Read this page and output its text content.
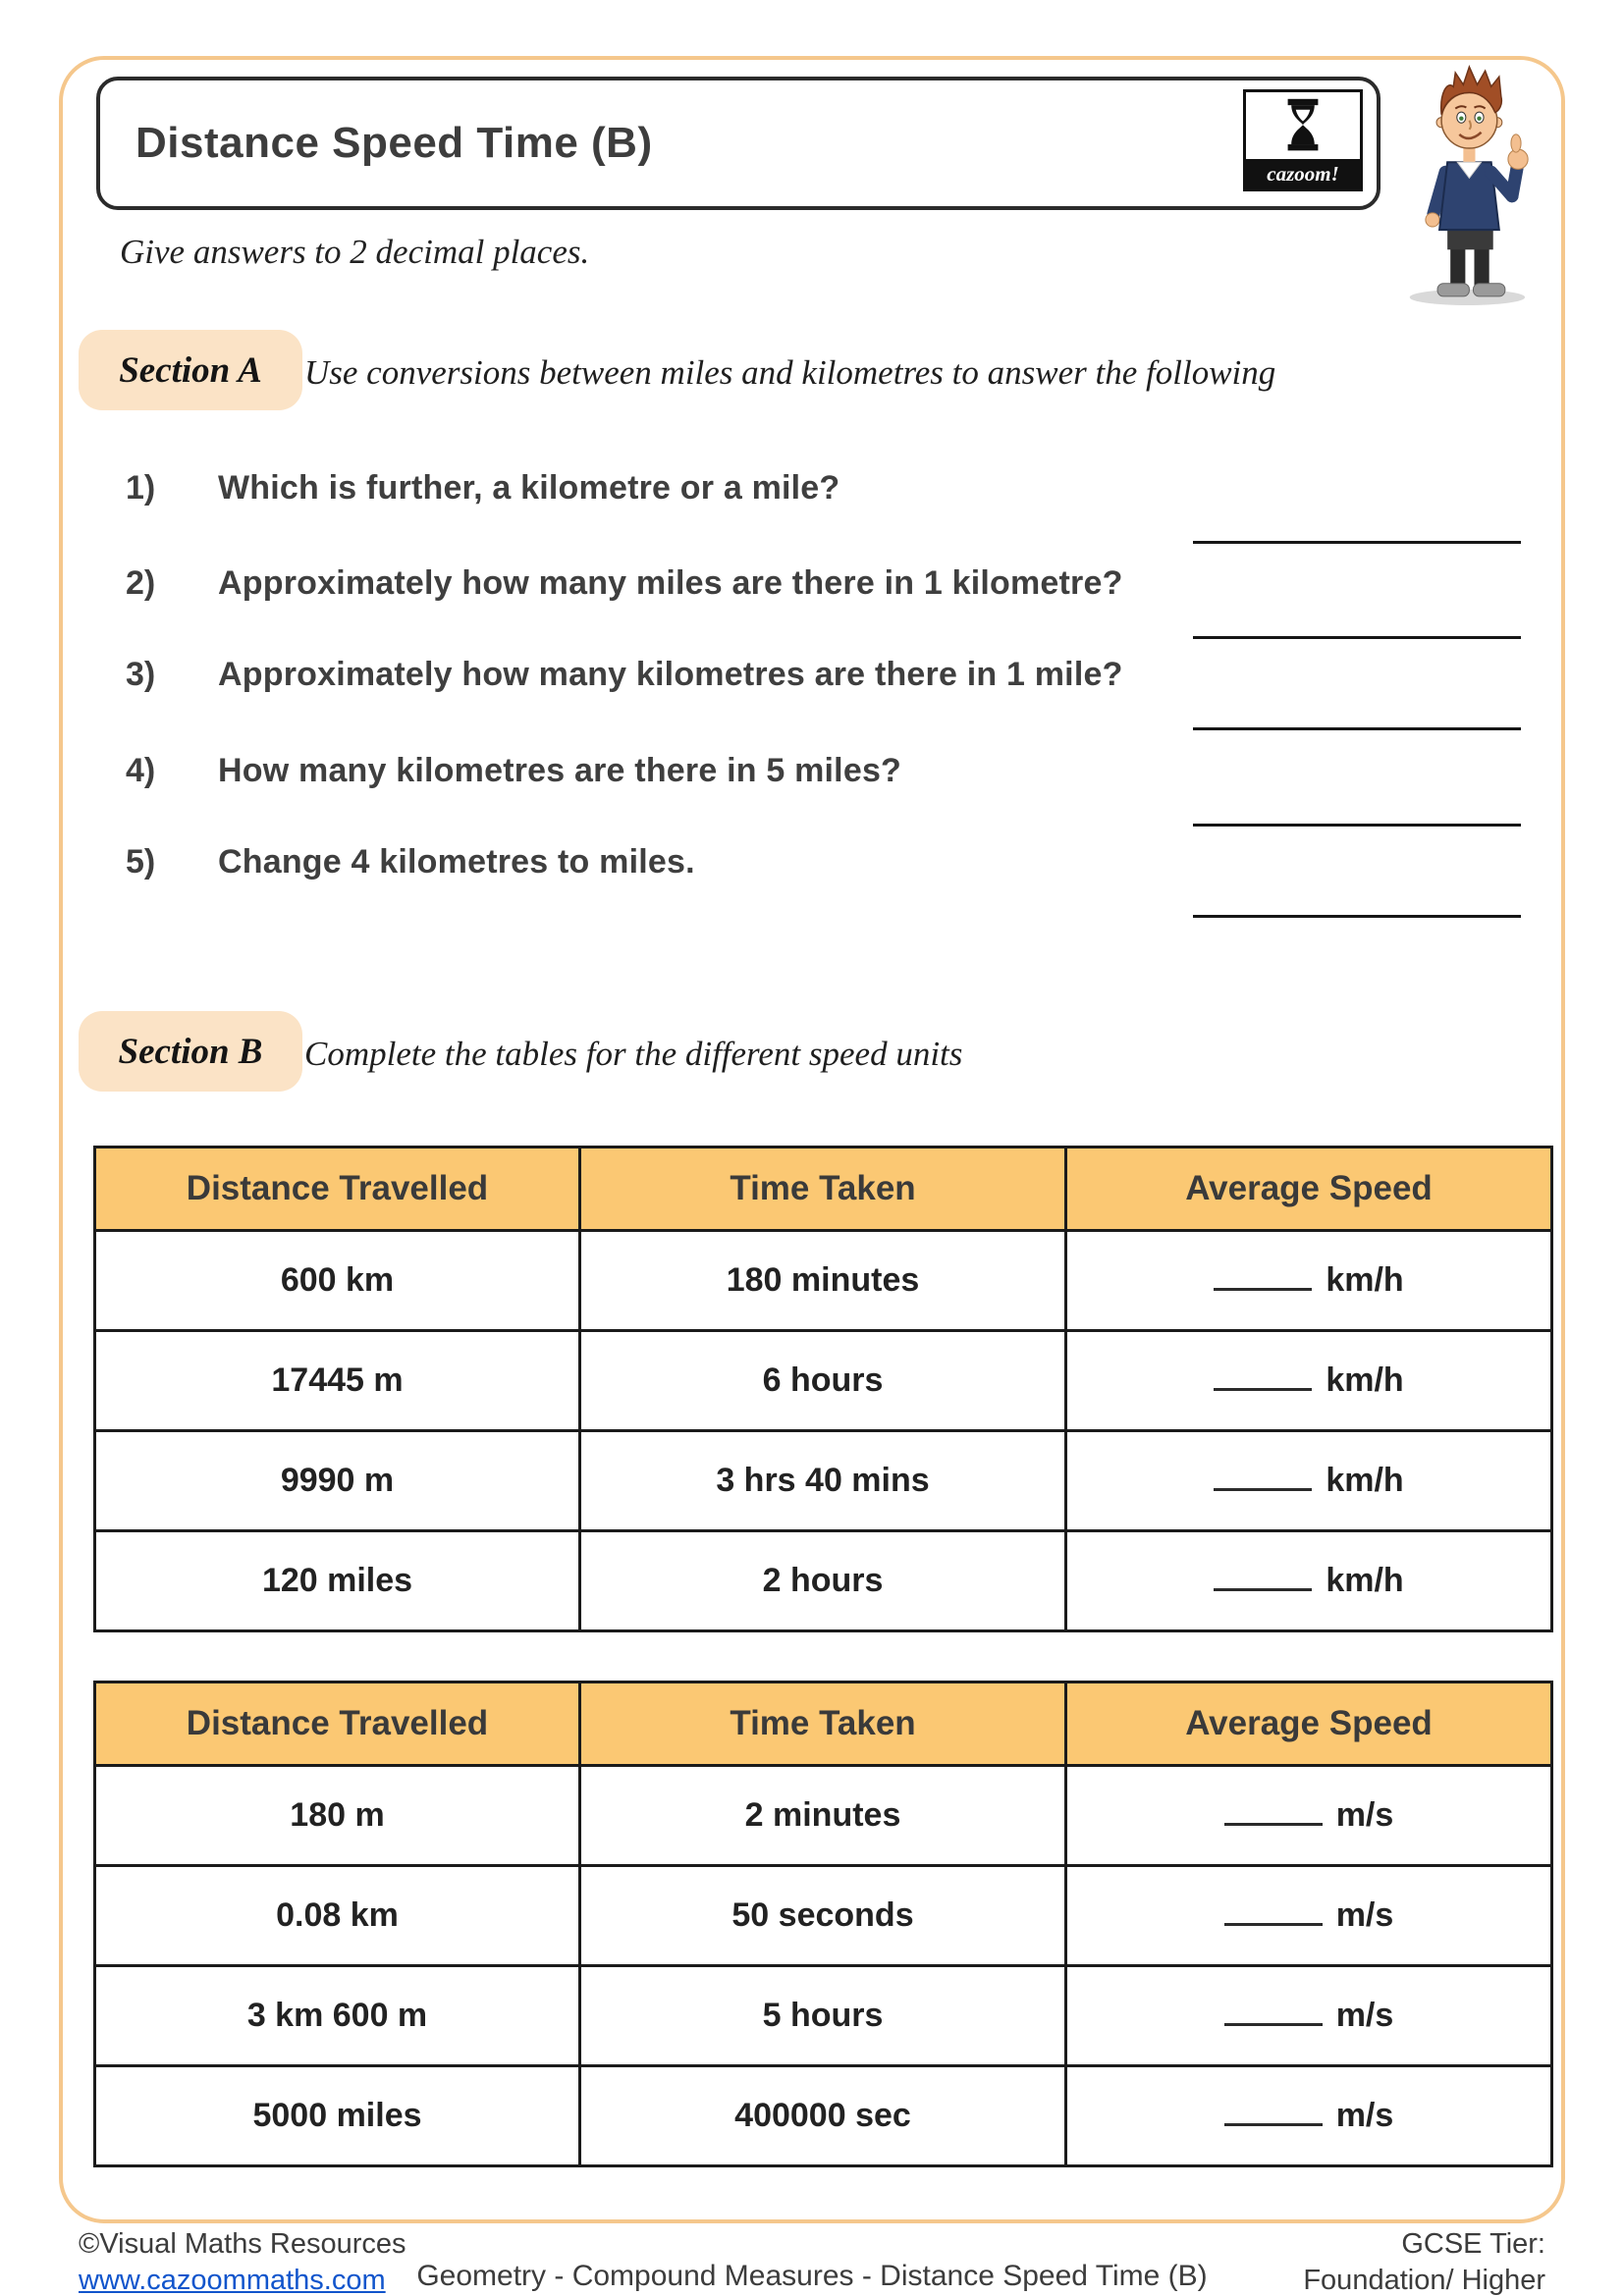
Distance Speed Time (B)
cazoom!
Give answers to 2 decimal places.
Section A Use conversions between miles and kilometres to answer the following
1) Which is further, a kilometre or a mile?
2) Approximately how many miles are there in 1 kilometre?
3) Approximately how many kilometres are there in 1 mile?
4) How many kilometres are there in 5 miles?
5) Change 4 kilometres to miles.
Section B Complete the tables for the different speed units
Distance Travelled	Time Taken	Average Speed
600 km	180 minutes	km/h
17445 m	6 hours	km/h
9990 m	3 hrs 40 mins	km/h
120 miles	2 hours	km/h
Distance Travelled	Time Taken	Average Speed
180 m	2 minutes	m/s
0.08 km	50 seconds	m/s
3 km 600 m	5 hours	m/s
5000 miles	400000 sec	m/s
©Visual Maths Resources
www.cazoommaths.com	Geometry - Compound Measures - Distance Speed Time (B)
GCSE Tier:
Foundation/ Higher
